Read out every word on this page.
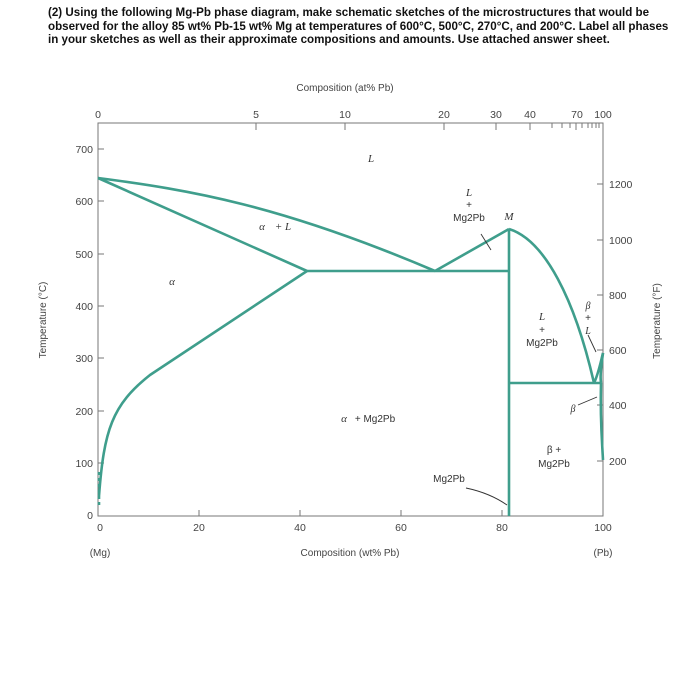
(2) Using the following Mg-Pb phase diagram, make schematic sketches of the microstructures that would be observed for the alloy 85 wt% Pb-15 wt% Mg at temperatures of 600°C, 500°C, 270°C, and 200°C. Label all phases in your sketches as well as their approximate compositions and amounts. Use attached answer sheet.
0	20	40	60	80	100
0	5	10	20	30 40	70 100
0
100
200
300
400
500
600
700
200
400
600
800
1000
1200
Composition (at% Pb)
Composition (wt% Pb)
Temperature (°C)	Temperature (°F)
(Mg)	(Pb)
L
α
α + L
L
+
Mg2Pb M
L
+
Mg2Pb
α + Mg2Pb
Mg2Pb
β +
Mg2Pb
β
+
L
β
